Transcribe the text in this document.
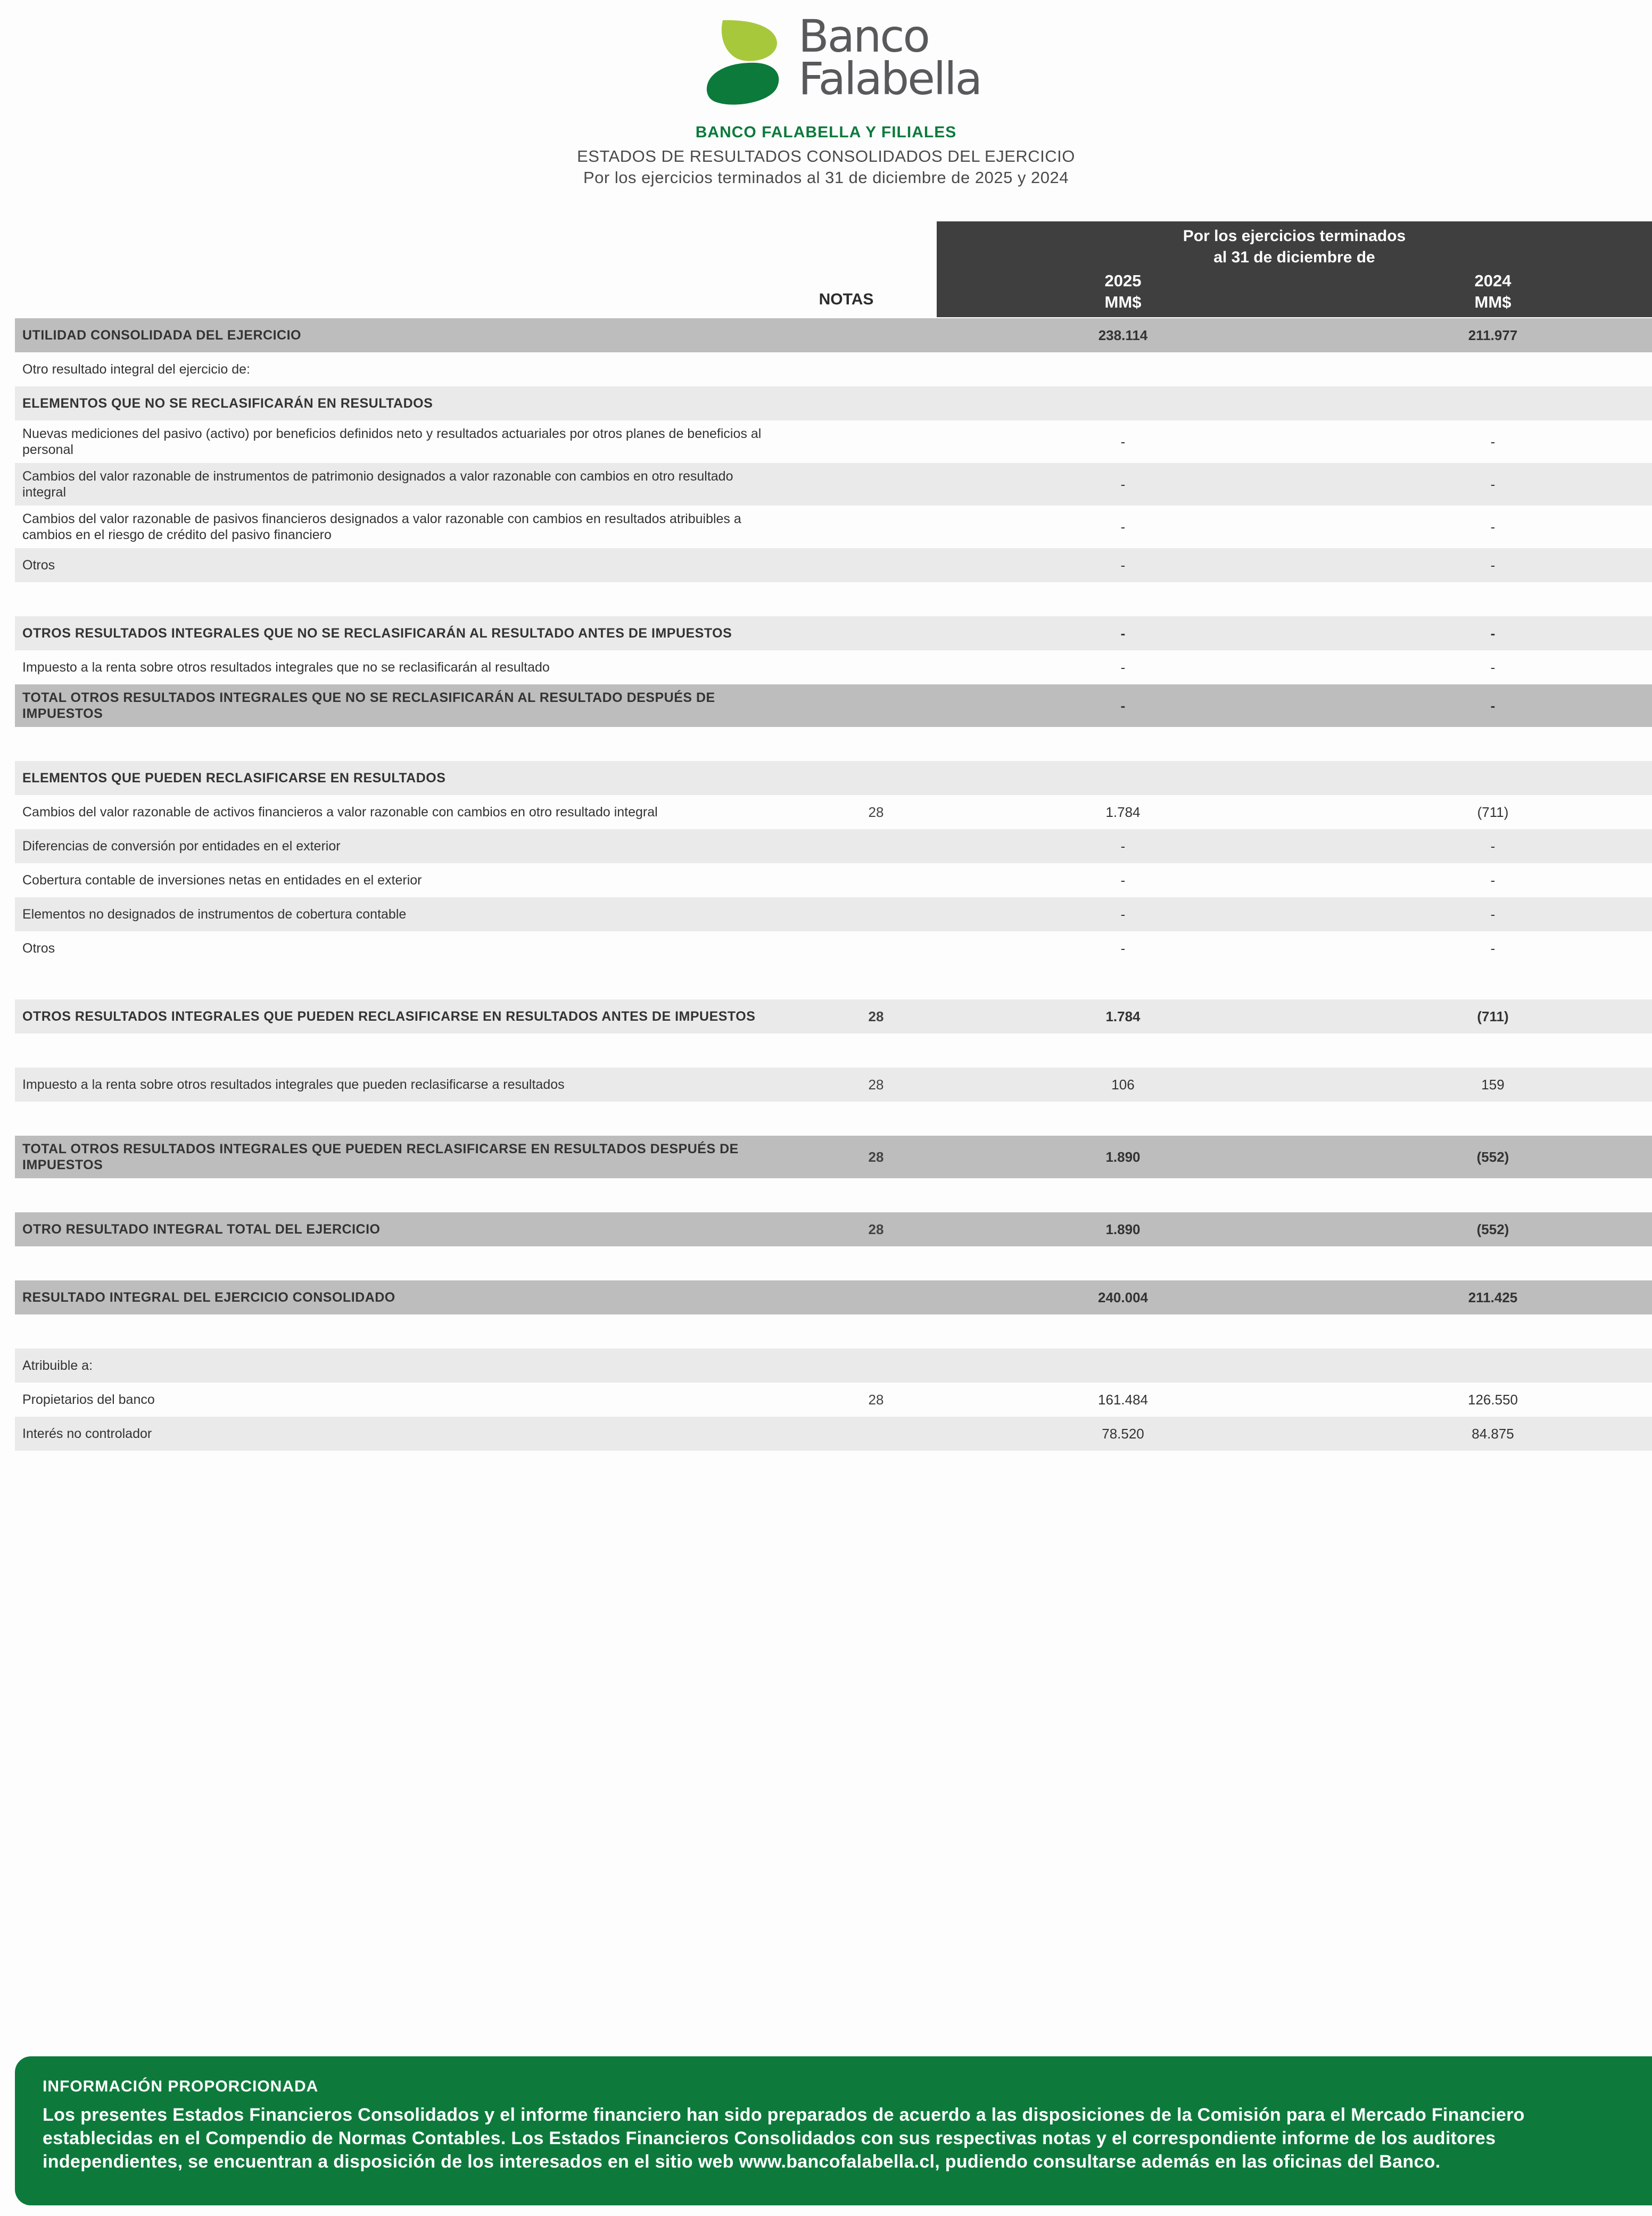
Banco
Falabella
BANCO FALABELLA Y FILIALES
ESTADOS DE RESULTADOS CONSOLIDADOS DEL EJERCICIO
Por los ejercicios terminados al 31 de diciembre de 2025 y 2024
NOTAS
Por los ejercicios terminados
al 31 de diciembre de
2025
MM$
2024
MM$
UTILIDAD CONSOLIDADA DEL EJERCICIO	238.114	211.977
Otro resultado integral del ejercicio de:
ELEMENTOS QUE NO SE RECLASIFICARÁN EN RESULTADOS
Nuevas mediciones del pasivo (activo) por beneficios definidos neto y resultados actuariales por otros planes de beneficios al personal
-	-
Cambios del valor razonable de instrumentos de patrimonio designados a valor razonable con cambios en otro resultado integral
-	-
Cambios del valor razonable de pasivos financieros designados a valor razonable con cambios en resultados atribuibles a cambios en el riesgo de crédito del pasivo financiero
-	-
Otros	-	-
OTROS RESULTADOS INTEGRALES QUE NO SE RECLASIFICARÁN AL RESULTADO ANTES DE IMPUESTOS	-	-
Impuesto a la renta sobre otros resultados integrales que no se reclasificarán al resultado	-	-
TOTAL OTROS RESULTADOS INTEGRALES QUE NO SE RECLASIFICARÁN AL RESULTADO DESPUÉS DE IMPUESTOS
-	-
ELEMENTOS QUE PUEDEN RECLASIFICARSE EN RESULTADOS
Cambios del valor razonable de activos financieros a valor razonable con cambios en otro resultado integral	28	1.784	(711)
Diferencias de conversión por entidades en el exterior	-	-
Cobertura contable de inversiones netas en entidades en el exterior	-	-
Elementos no designados de instrumentos de cobertura contable	-	-
Otros	-	-
OTROS RESULTADOS INTEGRALES QUE PUEDEN RECLASIFICARSE EN RESULTADOS ANTES DE IMPUESTOS	28	1.784	(711)
Impuesto a la renta sobre otros resultados integrales que pueden reclasificarse a resultados	28	106	159
TOTAL OTROS RESULTADOS INTEGRALES QUE PUEDEN RECLASIFICARSE EN RESULTADOS DESPUÉS DE IMPUESTOS
28	1.890	(552)
OTRO RESULTADO INTEGRAL TOTAL DEL EJERCICIO	28	1.890	(552)
RESULTADO INTEGRAL DEL EJERCICIO CONSOLIDADO	240.004	211.425
Atribuible a:
Propietarios del banco	28	161.484	126.550
Interés no controlador	78.520	84.875
INFORMACIÓN PROPORCIONADA
Los presentes Estados Financieros Consolidados y el informe financiero han sido preparados de acuerdo a las disposiciones de la Comisión para el Mercado Financiero establecidas en el Compendio de Normas Contables. Los Estados Financieros Consolidados con sus respectivas notas y el correspondiente informe de los auditores independientes, se encuentran a disposición de los interesados en el sitio web www.bancofalabella.cl, pudiendo consultarse además en las oficinas del Banco.
